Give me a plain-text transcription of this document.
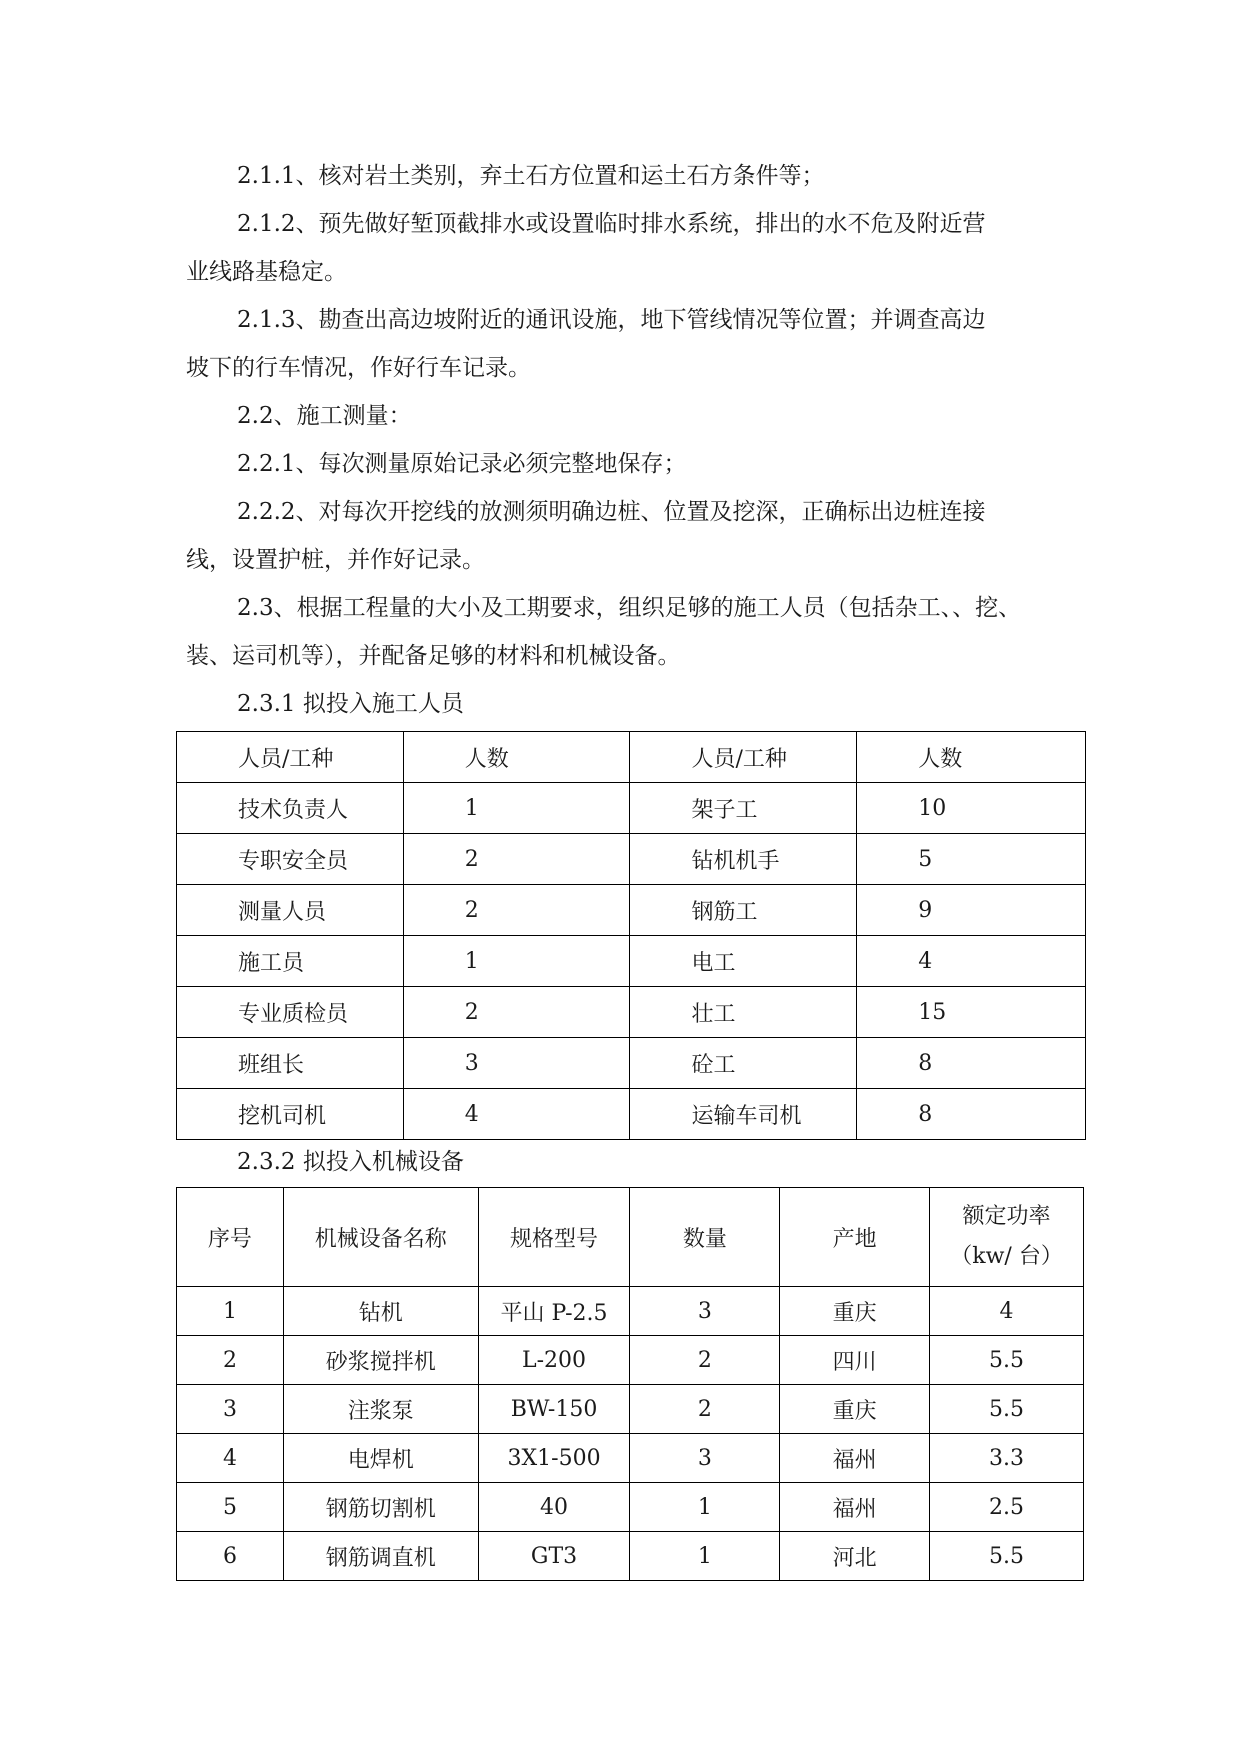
2.1.1、核对岩土类别，弃土石方位置和运土石方条件等；

2.1.2、预先做好堑顶截排水或设置临时排水系统，排出的水不危及附近营
业线路基稳定。

2.1.3、勘查出高边坡附近的通讯设施，地下管线情况等位置；并调查高边
坡下的行车情况，作好行车记录。

2.2、施工测量：

2.2.1、每次测量原始记录必须完整地保存；

2.2.2、对每次开挖线的放测须明确边桩、位置及挖深，正确标出边桩连接
线，设置护桩，并作好记录。

2.3、根据工程量的大小及工期要求，组织足够的施工人员（包括杂工、、挖、
装、运司机等），并配备足够的材料和机械设备。

2.3.1 拟投入施工人员

人员/工种	人数	人员/工种	人数
技术负责人	1	架子工	10
专职安全员	2	钻机机手	5
测量人员	2	钢筋工	9
施工员	1	电工	4
专业质检员	2	壮工	15
班组长	3	砼工	8
挖机司机	4	运输车司机	8

2.3.2 拟投入机械设备

序号	机械设备名称	规格型号	数量	产地	额定功率
（kw/ 台）

1	钻机	平山 P-2.5	3	重庆	4
2	砂浆搅拌机	L-200	2	四川	5.5
3	注浆泵	BW-150	2	重庆	5.5
4	电焊机	3X1-500	3	福州	3.3
5	钢筋切割机	40	1	福州	2.5
6	钢筋调直机	GT3	1	河北	5.5
